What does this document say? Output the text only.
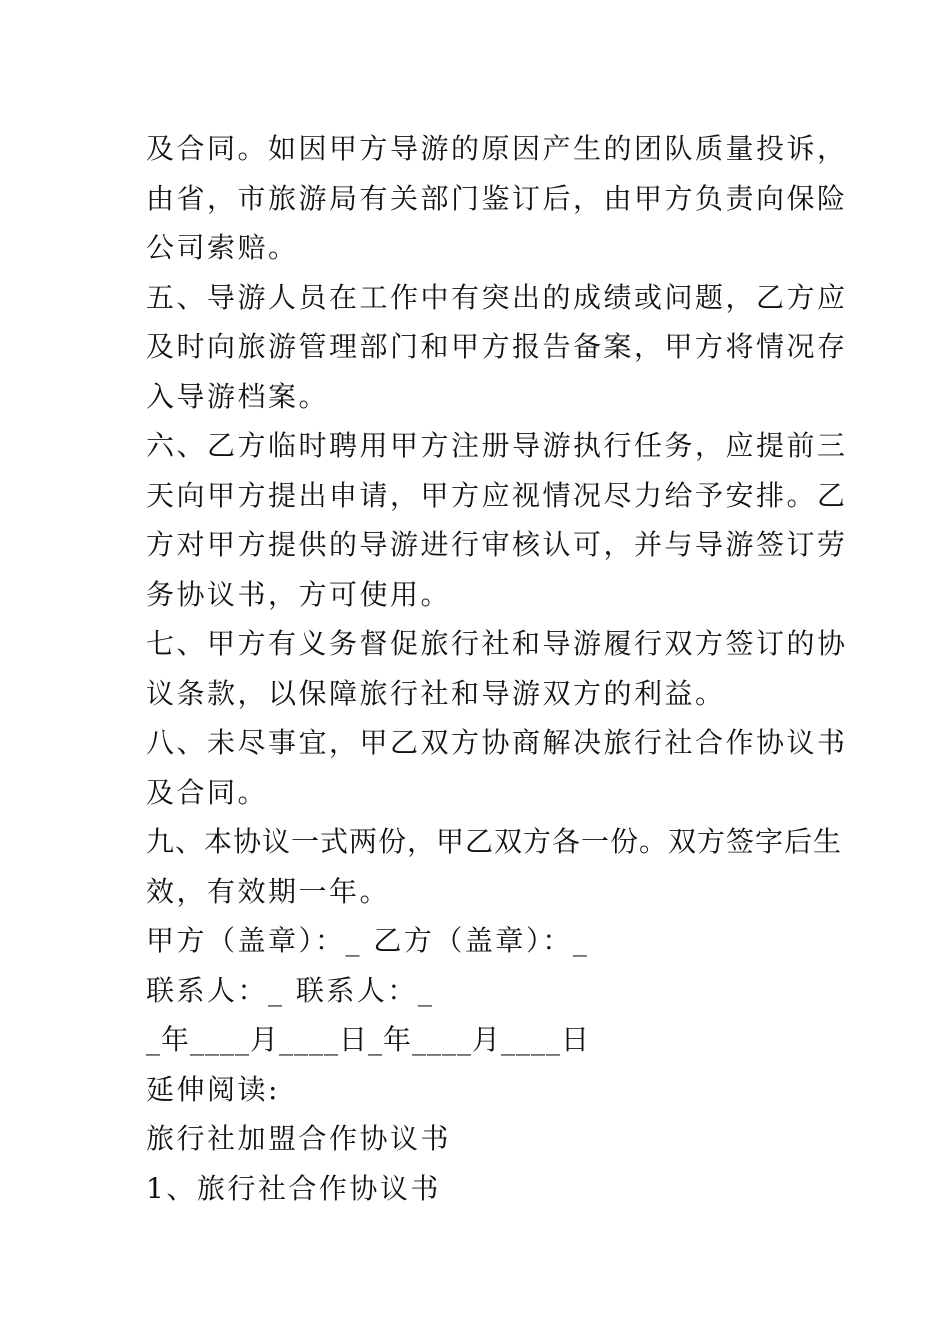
及合同。如因甲方导游的原因产生的团队质量投诉，
由省，市旅游局有关部门鉴订后，由甲方负责向保险
公司索赔。
五、导游人员在工作中有突出的成绩或问题，乙方应
及时向旅游管理部门和甲方报告备案，甲方将情况存
入导游档案。
六、乙方临时聘用甲方注册导游执行任务，应提前三
天向甲方提出申请，甲方应视情况尽力给予安排。乙
方对甲方提供的导游进行审核认可，并与导游签订劳
务协议书，方可使用。
七、甲方有义务督促旅行社和导游履行双方签订的协
议条款，以保障旅行社和导游双方的利益。
八、未尽事宜，甲乙双方协商解决旅行社合作协议书
及合同。
九、本协议一式两份，甲乙双方各一份。双方签字后生
效，有效期一年。
甲方（盖章）：_ 乙方（盖章）：_
联系人：_ 联系人：_
_年____月____日_年____月____日
延伸阅读:
旅行社加盟合作协议书
1、旅行社合作协议书
